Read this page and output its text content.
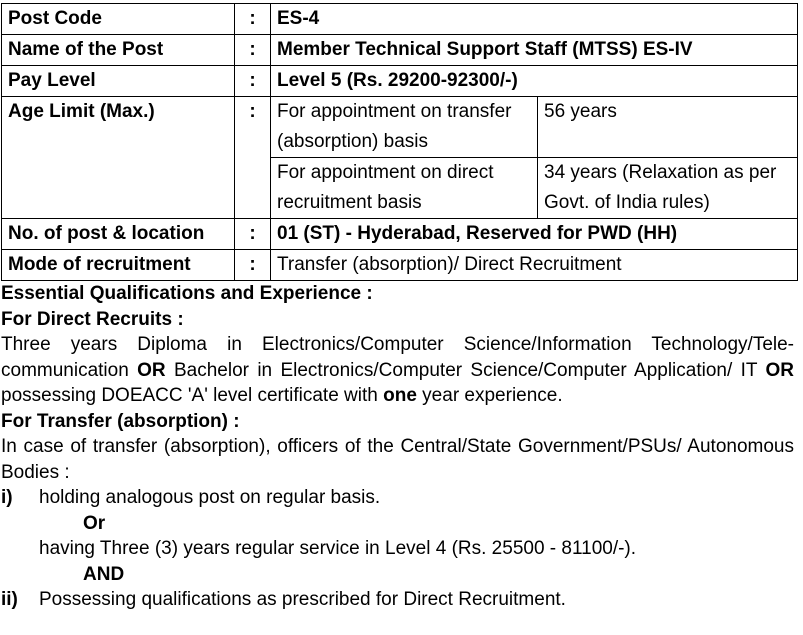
Post Code	:	ES-4	
Name of the Post	:	Member Technical Support Staff (MTSS) ES-IV	
Pay Level	:	Level 5 (Rs. 29200-92300/-)	
Age Limit (Max.)	:	For appointment on transfer (absorption) basis	56 years
		For appointment on direct recruitment basis	34 years (Relaxation as per Govt. of India rules)
No. of post & location	:	01 (ST) - Hyderabad, Reserved for PWD (HH)	
Mode of recruitment	:	Transfer (absorption)/ Direct Recruitment	
Essential Qualifications and Experience :
For Direct Recruits :
Three years Diploma in Electronics/Computer Science/Information Technology/Tele-communication OR Bachelor in Electronics/Computer Science/Computer Application/ IT OR possessing DOEACC 'A' level certificate with one year experience.
For Transfer (absorption) :
In case of transfer (absorption), officers of the Central/State Government/PSUs/ Autonomous Bodies :
i) holding analogous post on regular basis.
Or
having Three (3) years regular service in Level 4 (Rs. 25500 - 81100/-).
AND
ii) Possessing qualifications as prescribed for Direct Recruitment.
